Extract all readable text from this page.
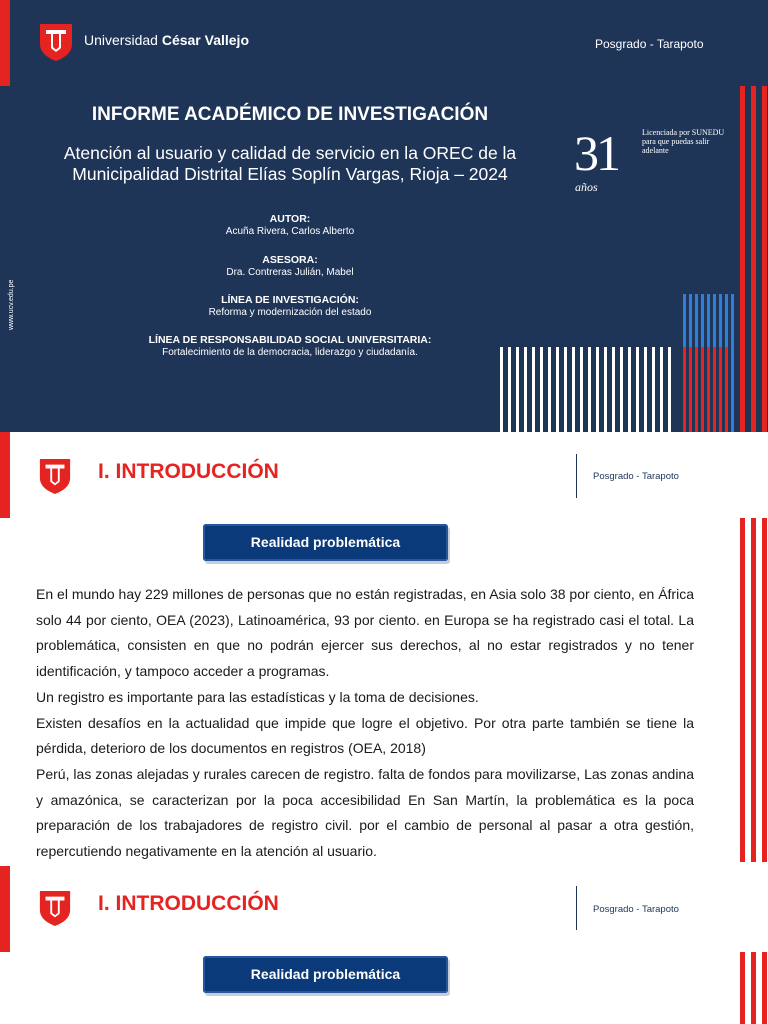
Universidad César Vallejo	Posgrado - Tarapoto
www.ucv.edu.pe
INFORME ACADÉMICO DE INVESTIGACIÓN
Atención al usuario y calidad de servicio en la OREC de la Municipalidad Distrital Elías Soplín Vargas, Rioja – 2024
AUTOR:
Acuña Rivera, Carlos Alberto
ASESORA:
Dra. Contreras Julián, Mabel
LÍNEA DE INVESTIGACIÓN:
Reforma y modernización del estado
LÍNEA DE RESPONSABILIDAD SOCIAL UNIVERSITARIA:
Fortalecimiento de la democracia, liderazgo y ciudadanía.
31
años
Licenciada por SUNEDU para que puedas salir adelante
I. INTRODUCCIÓN	Posgrado - Tarapoto
Realidad problemática

En el mundo hay 229 millones de personas que no están registradas, en Asia solo 38 por ciento, en África solo 44 por ciento, OEA (2023), Latinoamérica, 93 por ciento. en Europa se ha registrado casi el total. La problemática, consisten en que no podrán ejercer sus derechos, al no estar registrados y no tener identificación, y tampoco acceder a programas.

Un registro es importante para las estadísticas y la toma de decisiones.

Existen desafíos en la actualidad que impide que logre el objetivo. Por otra parte también se tiene la pérdida, deterioro de los documentos en registros (OEA, 2018)

Perú, las zonas alejadas y rurales carecen de registro. falta de fondos para movilizarse, Las zonas andina y amazónica, se caracterizan por la poca accesibilidad En San Martín, la problemática es la poca preparación de los trabajadores de registro civil. por el cambio de personal al pasar a otra gestión, repercutiendo negativamente en la atención al usuario.

I. INTRODUCCIÓN	Posgrado - Tarapoto
Realidad problemática
